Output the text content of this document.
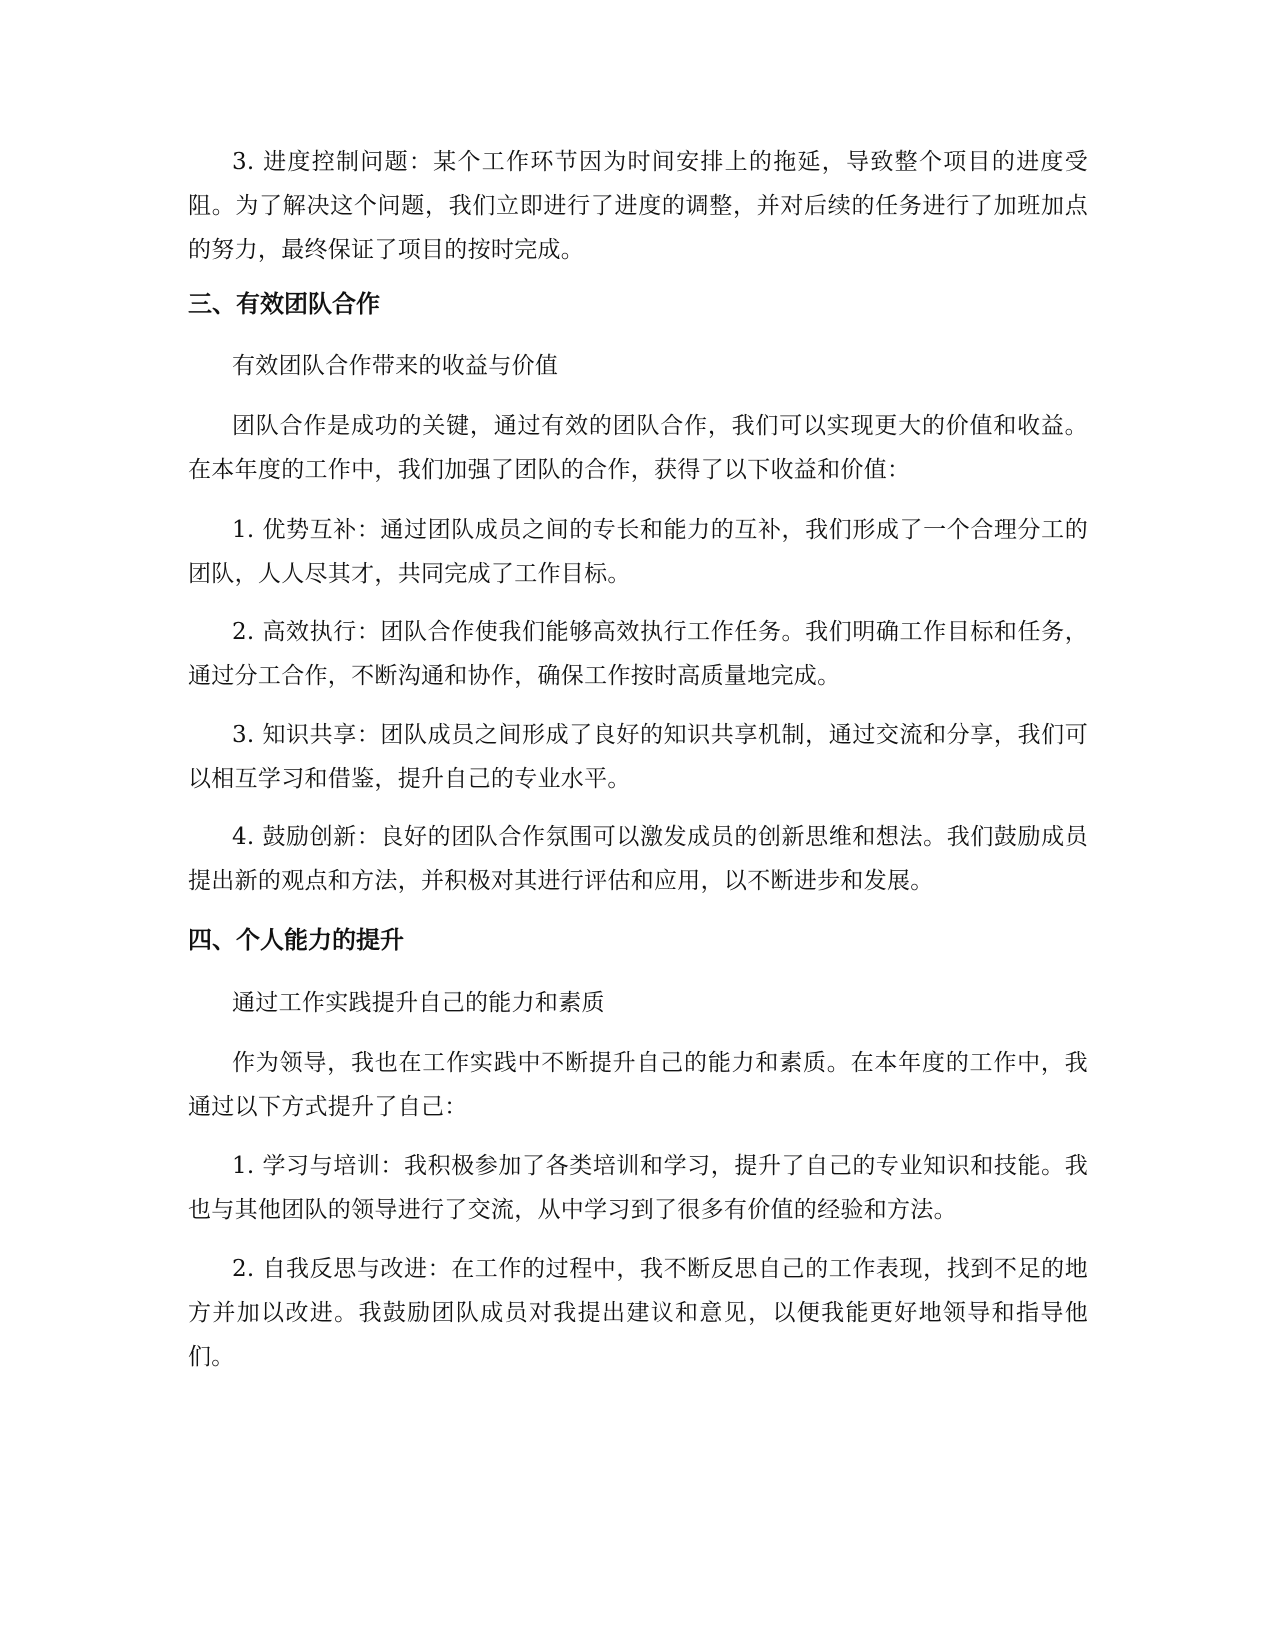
3. 进度控制问题：某个工作环节因为时间安排上的拖延，导致整个项目的进度受阻。为了解决这个问题，我们立即进行了进度的调整，并对后续的任务进行了加班加点的努力，最终保证了项目的按时完成。

三、有效团队合作

有效团队合作带来的收益与价值

团队合作是成功的关键，通过有效的团队合作，我们可以实现更大的价值和收益。在本年度的工作中，我们加强了团队的合作，获得了以下收益和价值：

1. 优势互补：通过团队成员之间的专长和能力的互补，我们形成了一个合理分工的团队，人人尽其才，共同完成了工作目标。

2. 高效执行：团队合作使我们能够高效执行工作任务。我们明确工作目标和任务，通过分工合作，不断沟通和协作，确保工作按时高质量地完成。

3. 知识共享：团队成员之间形成了良好的知识共享机制，通过交流和分享，我们可以相互学习和借鉴，提升自己的专业水平。

4. 鼓励创新：良好的团队合作氛围可以激发成员的创新思维和想法。我们鼓励成员提出新的观点和方法，并积极对其进行评估和应用，以不断进步和发展。

四、个人能力的提升

通过工作实践提升自己的能力和素质

作为领导，我也在工作实践中不断提升自己的能力和素质。在本年度的工作中，我通过以下方式提升了自己：

1. 学习与培训：我积极参加了各类培训和学习，提升了自己的专业知识和技能。我也与其他团队的领导进行了交流，从中学习到了很多有价值的经验和方法。

2. 自我反思与改进：在工作的过程中，我不断反思自己的工作表现，找到不足的地方并加以改进。我鼓励团队成员对我提出建议和意见，以便我能更好地领导和指导他们。
